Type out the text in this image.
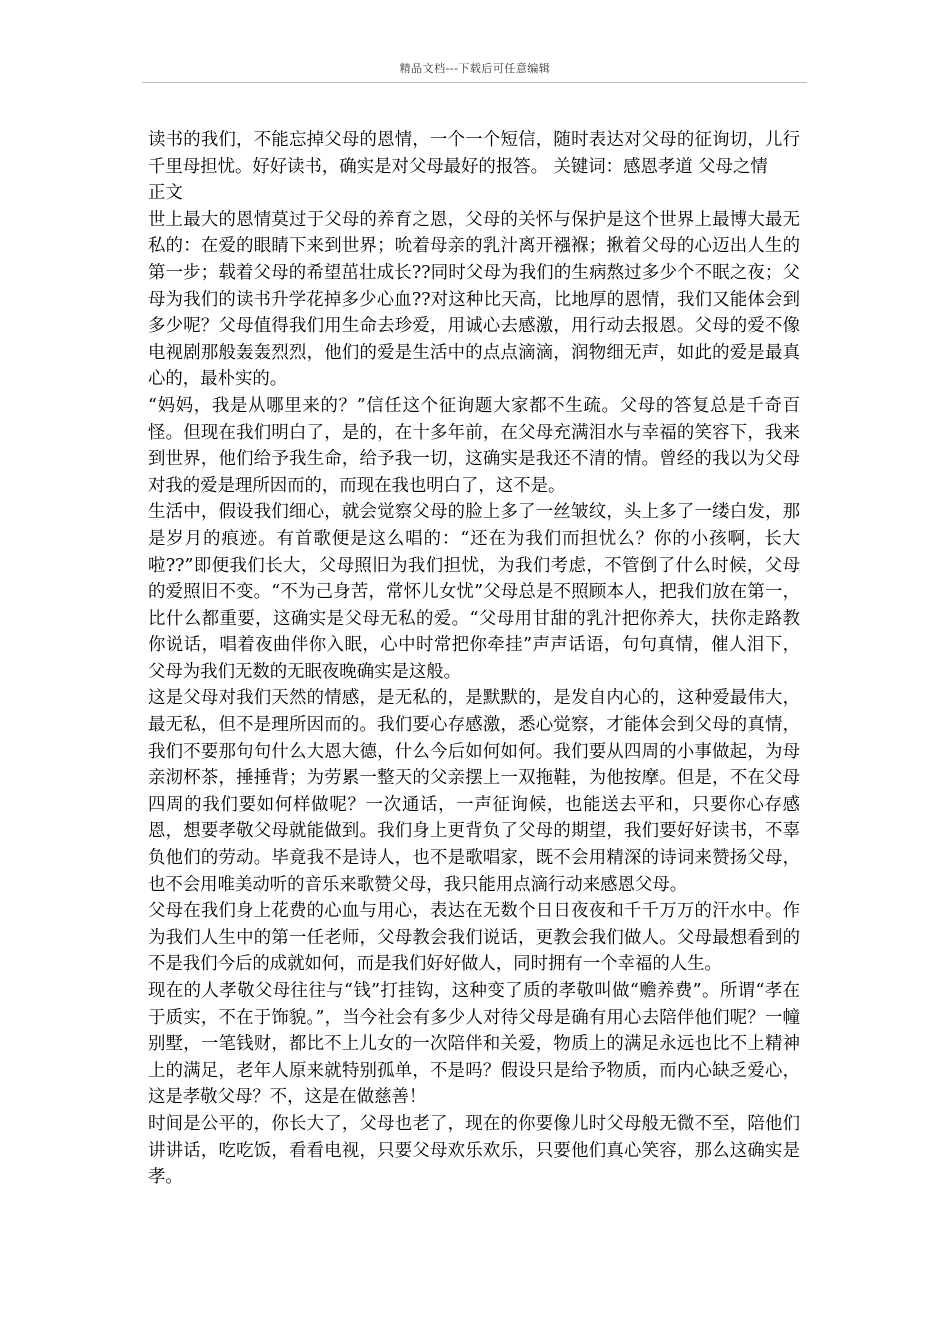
精品文档---下载后可任意编辑

读书的我们，不能忘掉父母的恩情，一个一个短信，随时表达对父母的征询切，儿行千里母担忧。好好读书，确实是对父母最好的报答。 关键词：感恩孝道 父母之情

正文

世上最大的恩情莫过于父母的养育之恩，父母的关怀与保护是这个世界上最博大最无私的：在爱的眼睛下来到世界；吮着母亲的乳汁离开襁褓；揪着父母的心迈出人生的第一步；载着父母的希望茁壮成长??同时父母为我们的生病熬过多少个不眠之夜；父母为我们的读书升学花掉多少心血??对这种比天高，比地厚的恩情，我们又能体会到多少呢？父母值得我们用生命去珍爱，用诚心去感激，用行动去报恩。父母的爱不像电视剧那般轰轰烈烈，他们的爱是生活中的点点滴滴，润物细无声，如此的爱是最真心的，最朴实的。

“妈妈，我是从哪里来的？”信任这个征询题大家都不生疏。父母的答复总是千奇百怪。但现在我们明白了，是的，在十多年前，在父母充满泪水与幸福的笑容下，我来到世界，他们给予我生命，给予我一切，这确实是我还不清的情。曾经的我以为父母对我的爱是理所因而的，而现在我也明白了，这不是。

生活中，假设我们细心，就会觉察父母的脸上多了一丝皱纹，头上多了一缕白发，那是岁月的痕迹。有首歌便是这么唱的：“还在为我们而担忧么？你的小孩啊，长大啦??”即便我们长大，父母照旧为我们担忧，为我们考虑，不管倒了什么时候，父母的爱照旧不变。“不为己身苦，常怀儿女忧”父母总是不照顾本人，把我们放在第一，比什么都重要，这确实是父母无私的爱。“父母用甘甜的乳汁把你养大，扶你走路教你说话，唱着夜曲伴你入眠，心中时常把你牵挂”声声话语，句句真情，催人泪下，父母为我们无数的无眠夜晚确实是这般。

这是父母对我们天然的情感，是无私的，是默默的，是发自内心的，这种爱最伟大，最无私，但不是理所因而的。我们要心存感激，悉心觉察，才能体会到父母的真情，我们不要那句句什么大恩大德，什么今后如何如何。我们要从四周的小事做起，为母亲沏杯茶，捶捶背；为劳累一整天的父亲摆上一双拖鞋，为他按摩。但是，不在父母四周的我们要如何样做呢？一次通话，一声征询候，也能送去平和，只要你心存感恩，想要孝敬父母就能做到。我们身上更背负了父母的期望，我们要好好读书，不辜负他们的劳动。毕竟我不是诗人，也不是歌唱家，既不会用精深的诗词来赞扬父母，也不会用唯美动听的音乐来歌赞父母，我只能用点滴行动来感恩父母。

父母在我们身上花费的心血与用心，表达在无数个日日夜夜和千千万万的汗水中。作为我们人生中的第一任老师，父母教会我们说话，更教会我们做人。父母最想看到的不是我们今后的成就如何，而是我们好好做人，同时拥有一个幸福的人生。

现在的人孝敬父母往往与“钱”打挂钩，这种变了质的孝敬叫做“赡养费”。所谓“孝在于质实，不在于饰貌。”，当今社会有多少人对待父母是确有用心去陪伴他们呢？一幢别墅，一笔钱财，都比不上儿女的一次陪伴和关爱，物质上的满足永远也比不上精神上的满足，老年人原来就特别孤单，不是吗？假设只是给予物质，而内心缺乏爱心，这是孝敬父母？不，这是在做慈善！

时间是公平的，你长大了，父母也老了，现在的你要像儿时父母般无微不至，陪他们讲讲话，吃吃饭，看看电视，只要父母欢乐欢乐，只要他们真心笑容，那么这确实是孝。
